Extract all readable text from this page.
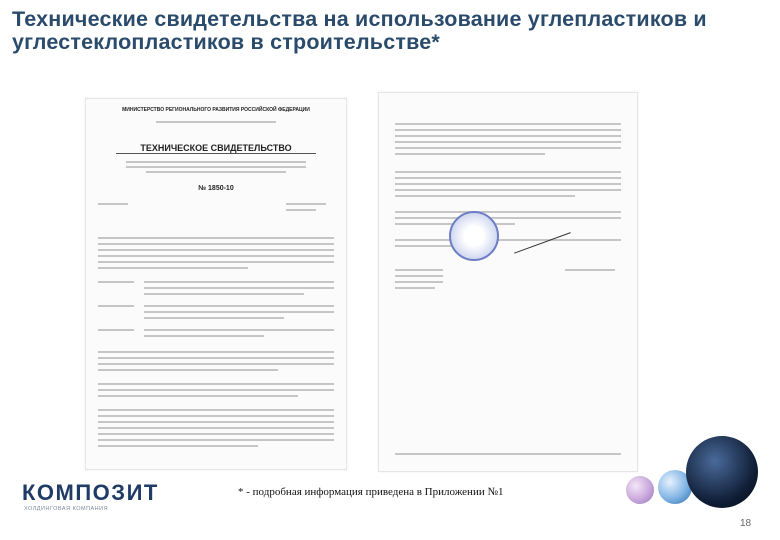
Технические свидетельства на использование углепластиков и углестеклопластиков в строительстве*
МИНИСТЕРСТВО РЕГИОНАЛЬНОГО РАЗВИТИЯ РОССИЙСКОЙ ФЕДЕРАЦИИ
ТЕХНИЧЕСКОЕ СВИДЕТЕЛЬСТВО
№ 1850-10

* - подробная информация приведена в Приложении №1

КОМПОЗИТ

ХОЛДИНГОВАЯ КОМПАНИЯ

18
